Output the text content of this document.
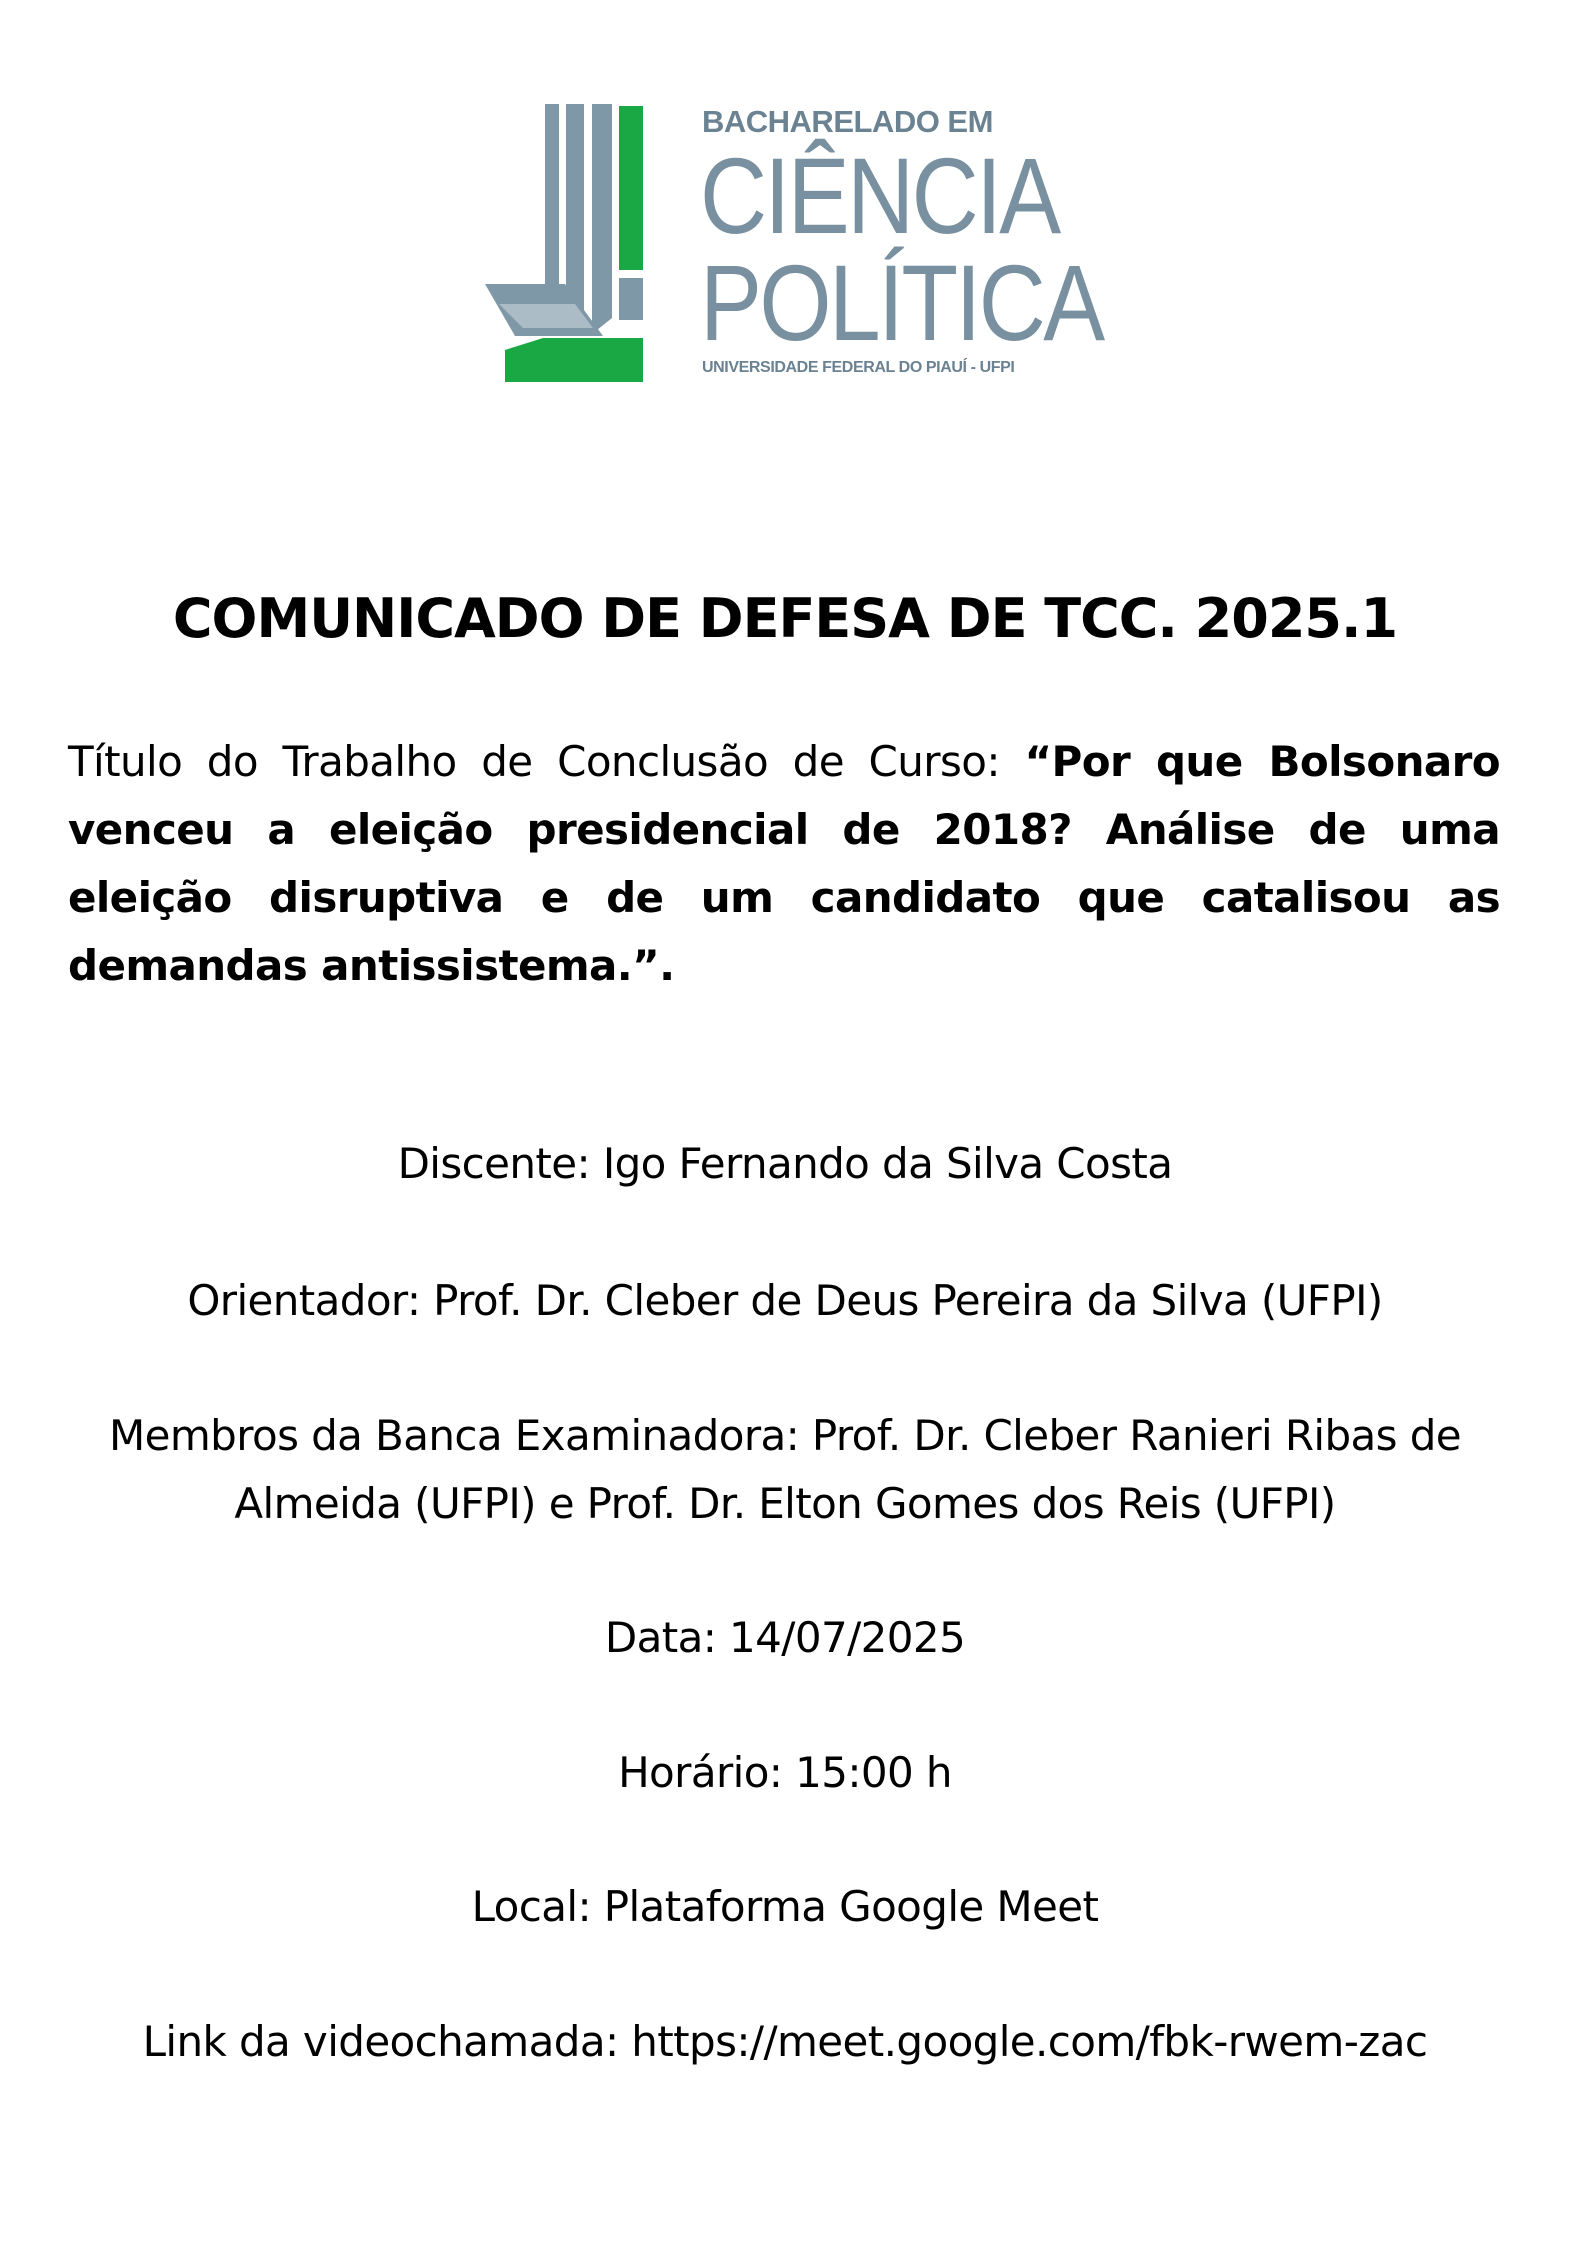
BACHARELADO EM
CIÊNCIA
POLÍTICA
UNIVERSIDADE FEDERAL DO PIAUÍ - UFPI
COMUNICADO DE DEFESA DE TCC. 2025.1
Título do Trabalho de Conclusão de Curso: “Por que Bolsonaro venceu a eleição presidencial de 2018? Análise de uma eleição disruptiva e de um candidato que catalisou as demandas antissistema.”.
Discente: Igo Fernando da Silva Costa
Orientador: Prof. Dr. Cleber de Deus Pereira da Silva (UFPI)
Membros da Banca Examinadora: Prof. Dr. Cleber Ranieri Ribas de Almeida (UFPI) e Prof. Dr. Elton Gomes dos Reis (UFPI)
Data: 14/07/2025
Horário: 15:00 h
Local: Plataforma Google Meet
Link da videochamada: https://meet.google.com/fbk-rwem-zac
